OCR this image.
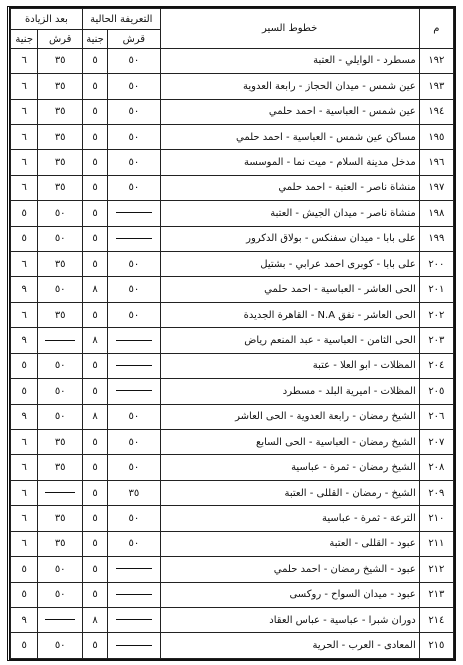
م	خطوط السير	التعريفة الحالية		بعد الزيادة	
		قرش	جنية	قرش	جنية
١٩٢	مسطرد - الوايلي - العتبة	٥٠	٥	٣٥	٦
١٩٣	عين شمس - ميدان الحجاز - رابعة العدوية	٥٠	٥	٣٥	٦
١٩٤	عين شمس - العباسية - احمد حلمي	٥٠	٥	٣٥	٦
١٩٥	مساكن عين شمس - العباسية - احمد حلمي	٥٠	٥	٣٥	٦
١٩٦	مدخل مدينة السلام - ميت نما - الموسسة	٥٠	٥	٣٥	٦
١٩٧	منشاة ناصر - العتبة - احمد حلمي	٥٠	٥	٣٥	٦
١٩٨	منشاة ناصر - ميدان الجيش - العتبة		٥	٥٠	٥
١٩٩	على بابا - ميدان سفنكس - بولاق الدكرور		٥	٥٠	٥
٢٠٠	على بابا - كوبرى احمد عرابي - بشتيل	٥٠	٥	٣٥	٦
٢٠١	الحى العاشر - العباسية - احمد حلمي	٥٠	٨	٥٠	٩
٢٠٢	الحى العاشر - نفق N.A - القاهرة الجديدة	٥٠	٥	٣٥	٦
٢٠٣	الحى الثامن - العباسية - عبد المنعم رياض		٨		٩
٢٠٤	المظلات - ابو العلا - عتبة		٥	٥٠	٥
٢٠٥	المظلات - اميرية البلد - مسطرد		٥	٥٠	٥
٢٠٦	الشيخ رمضان - رابعة العدوية - الحى العاشر	٥٠	٨	٥٠	٩
٢٠٧	الشيخ رمضان - العباسية - الحى السابع	٥٠	٥	٣٥	٦
٢٠٨	الشيخ رمضان - ثمرة - عباسية	٥٠	٥	٣٥	٦
٢٠٩	الشيخ - رمضان - القللى - العتبة	٣٥	٥		٦
٢١٠	الترعة - ثمرة - عباسية	٥٠	٥	٣٥	٦
٢١١	عبود - القللى - العتبة	٥٠	٥	٣٥	٦
٢١٢	عبود - الشيخ رمضان - احمد حلمي		٥	٥٠	٥
٢١٣	عبود - ميدان السواح - روكسى		٥	٥٠	٥
٢١٤	دوران شبرا - عباسية - عباس العقاد		٨		٩
٢١٥	المعادى - العرب - الحرية		٥	٥٠	٥
